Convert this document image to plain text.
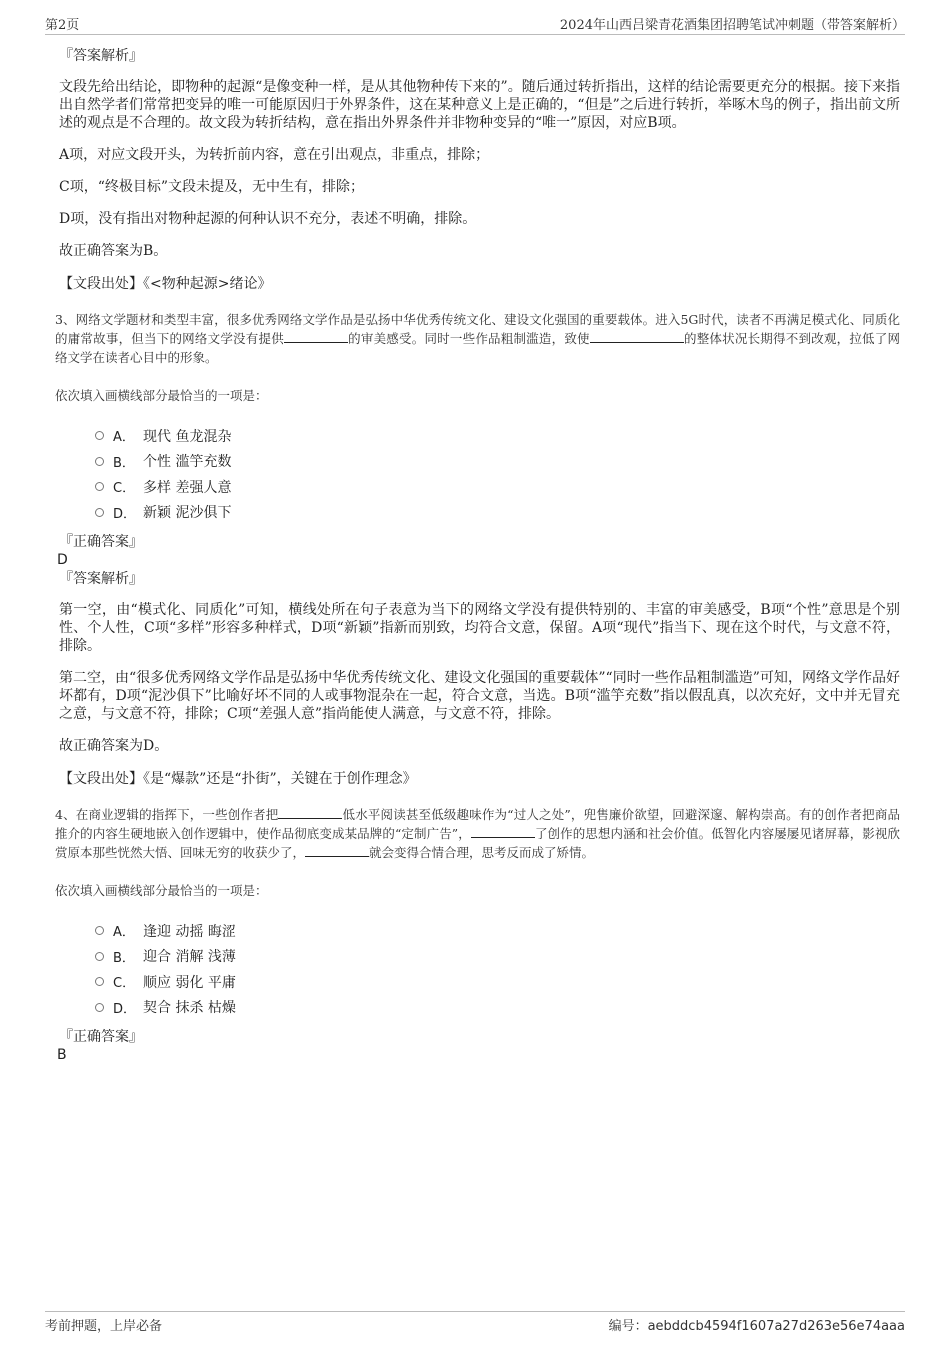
第2页	2024年山西吕梁青花酒集团招聘笔试冲刺题（带答案解析）
『答案解析』

文段先给出结论，即物种的起源“是像变种一样，是从其他物种传下来的”。随后通过转折指出，这样的结论需要更充分的根据。接下来指出自然学者们常常把变异的唯一可能原因归于外界条件，这在某种意义上是正确的，“但是”之后进行转折，举啄木鸟的例子，指出前文所述的观点是不合理的。故文段为转折结构，意在指出外界条件并非物种变异的“唯一”原因，对应B项。

A项，对应文段开头，为转折前内容，意在引出观点，非重点，排除；

C项，“终极目标”文段未提及，无中生有，排除；

D项，没有指出对物种起源的何种认识不充分，表述不明确，排除。

故正确答案为B。

【文段出处】《<物种起源>绪论》

3、网络文学题材和类型丰富，很多优秀网络文学作品是弘扬中华优秀传统文化、建设文化强国的重要载体。进入5G时代，读者不再满足模式化、同质化的庸常故事，但当下的网络文学没有提供	的审美感受。同时一些作品粗制滥造，致使	的整体状况长期得不到改观，拉低了网络文学在读者心目中的形象。

依次填入画横线部分最恰当的一项是：
A． 现代 鱼龙混杂
B． 个性 滥竽充数
C． 多样 差强人意
D． 新颖 泥沙俱下
『正确答案』
D
『答案解析』

第一空，由“模式化、同质化”可知，横线处所在句子表意为当下的网络文学没有提供特别的、丰富的审美感受，B项“个性”意思是个别性、个人性，C项“多样”形容多种样式，D项“新颖”指新而别致，均符合文意，保留。A项“现代”指当下、现在这个时代，与文意不符，排除。

第二空，由“很多优秀网络文学作品是弘扬中华优秀传统文化、建设文化强国的重要载体”“同时一些作品粗制滥造”可知，网络文学作品好坏都有，D项“泥沙俱下”比喻好坏不同的人或事物混杂在一起，符合文意，当选。B项“滥竽充数”指以假乱真，以次充好，文中并无冒充之意，与文意不符，排除；C项“差强人意”指尚能使人满意，与文意不符，排除。

故正确答案为D。

【文段出处】《是“爆款”还是“扑街”，关键在于创作理念》

4、在商业逻辑的指挥下，一些创作者把	低水平阅读甚至低级趣味作为“过人之处”，兜售廉价欲望，回避深邃、解构崇高。有的创作者把商品推介的内容生硬地嵌入创作逻辑中，使作品彻底变成某品牌的“定制广告”，	了创作的思想内涵和社会价值。低智化内容屡屡见诸屏幕，影视欣赏原本那些恍然大悟、回味无穷的收获少了，	就会变得合情合理，思考反而成了矫情。

依次填入画横线部分最恰当的一项是：
A． 逢迎 动摇 晦涩
B． 迎合 消解 浅薄
C． 顺应 弱化 平庸
D． 契合 抹杀 枯燥
『正确答案』
B
考前押题，上岸必备	编号：aebddcb4594f1607a27d263e56e74aaa
